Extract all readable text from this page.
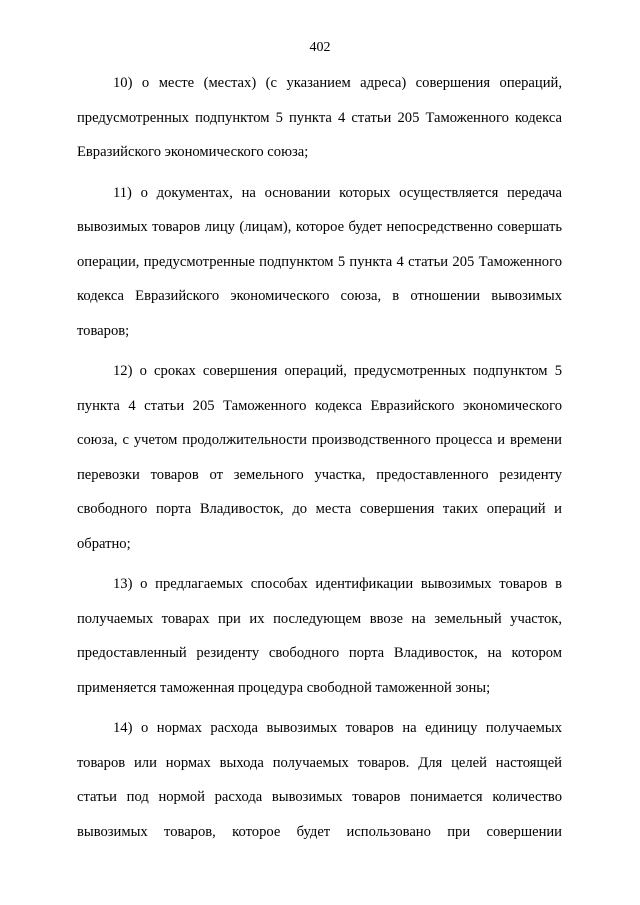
402

10) о месте (местах) (с указанием адреса) совершения операций, предусмотренных подпунктом 5 пункта 4 статьи 205 Таможенного кодекса Евразийского экономического союза;

11) о документах, на основании которых осуществляется передача вывозимых товаров лицу (лицам), которое будет непосредственно совершать операции, предусмотренные подпунктом 5 пункта 4 статьи 205 Таможенного кодекса Евразийского экономического союза, в отношении вывозимых товаров;

12) о сроках совершения операций, предусмотренных подпунктом 5 пункта 4 статьи 205 Таможенного кодекса Евразийского экономического союза, с учетом продолжительности производственного процесса и времени перевозки товаров от земельного участка, предоставленного резиденту свободного порта Владивосток, до места совершения таких операций и обратно;

13) о предлагаемых способах идентификации вывозимых товаров в получаемых товарах при их последующем ввозе на земельный участок, предоставленный резиденту свободного порта Владивосток, на котором применяется таможенная процедура свободной таможенной зоны;

14) о нормах расхода вывозимых товаров на единицу получаемых товаров или нормах выхода получаемых товаров. Для целей настоящей статьи под нормой расхода вывозимых товаров понимается количество вывозимых товаров, которое будет использовано при совершении
